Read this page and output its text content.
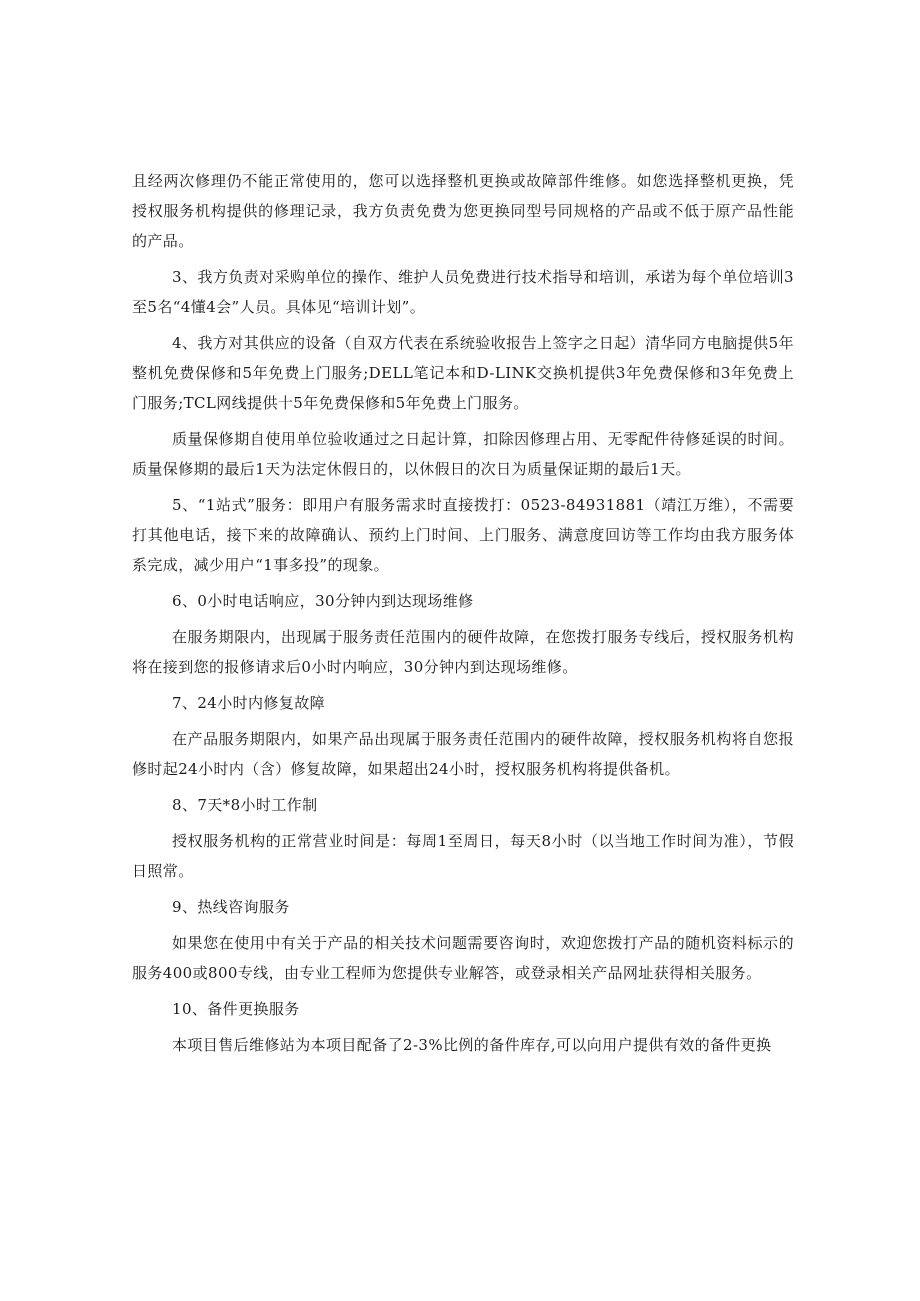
且经两次修理仍不能正常使用的，您可以选择整机更换或故障部件维修。如您选择整机更换，凭授权服务机构提供的修理记录，我方负责免费为您更换同型号同规格的产品或不低于原产品性能的产品。

3、我方负责对采购单位的操作、维护人员免费进行技术指导和培训，承诺为每个单位培训3至5名“4懂4会”人员。具体见“培训计划”。

4、我方对其供应的设备（自双方代表在系统验收报告上签字之日起）清华同方电脑提供5年整机免费保修和5年免费上门服务;DELL笔记本和D-LINK交换机提供3年免费保修和3年免费上门服务;TCL网线提供十5年免费保修和5年免费上门服务。

质量保修期自使用单位验收通过之日起计算，扣除因修理占用、无零配件待修延误的时间。质量保修期的最后1天为法定休假日的，以休假日的次日为质量保证期的最后1天。

5、“1站式”服务：即用户有服务需求时直接拨打：0523-84931881（靖江万维），不需要打其他电话，接下来的故障确认、预约上门时间、上门服务、满意度回访等工作均由我方服务体系完成，减少用户“1事多投”的现象。

6、0小时电话响应，30分钟内到达现场维修

在服务期限内，出现属于服务责任范围内的硬件故障，在您拨打服务专线后，授权服务机构将在接到您的报修请求后0小时内响应，30分钟内到达现场维修。

7、24小时内修复故障

在产品服务期限内，如果产品出现属于服务责任范围内的硬件故障，授权服务机构将自您报修时起24小时内（含）修复故障，如果超出24小时，授权服务机构将提供备机。

8、7天*8小时工作制

授权服务机构的正常营业时间是：每周1至周日，每天8小时（以当地工作时间为准），节假日照常。

9、热线咨询服务

如果您在使用中有关于产品的相关技术问题需要咨询时，欢迎您拨打产品的随机资料标示的服务400或800专线，由专业工程师为您提供专业解答，或登录相关产品网址获得相关服务。

10、备件更换服务

本项目售后维修站为本项目配备了2-3%比例的备件库存,可以向用户提供有效的备件更换
